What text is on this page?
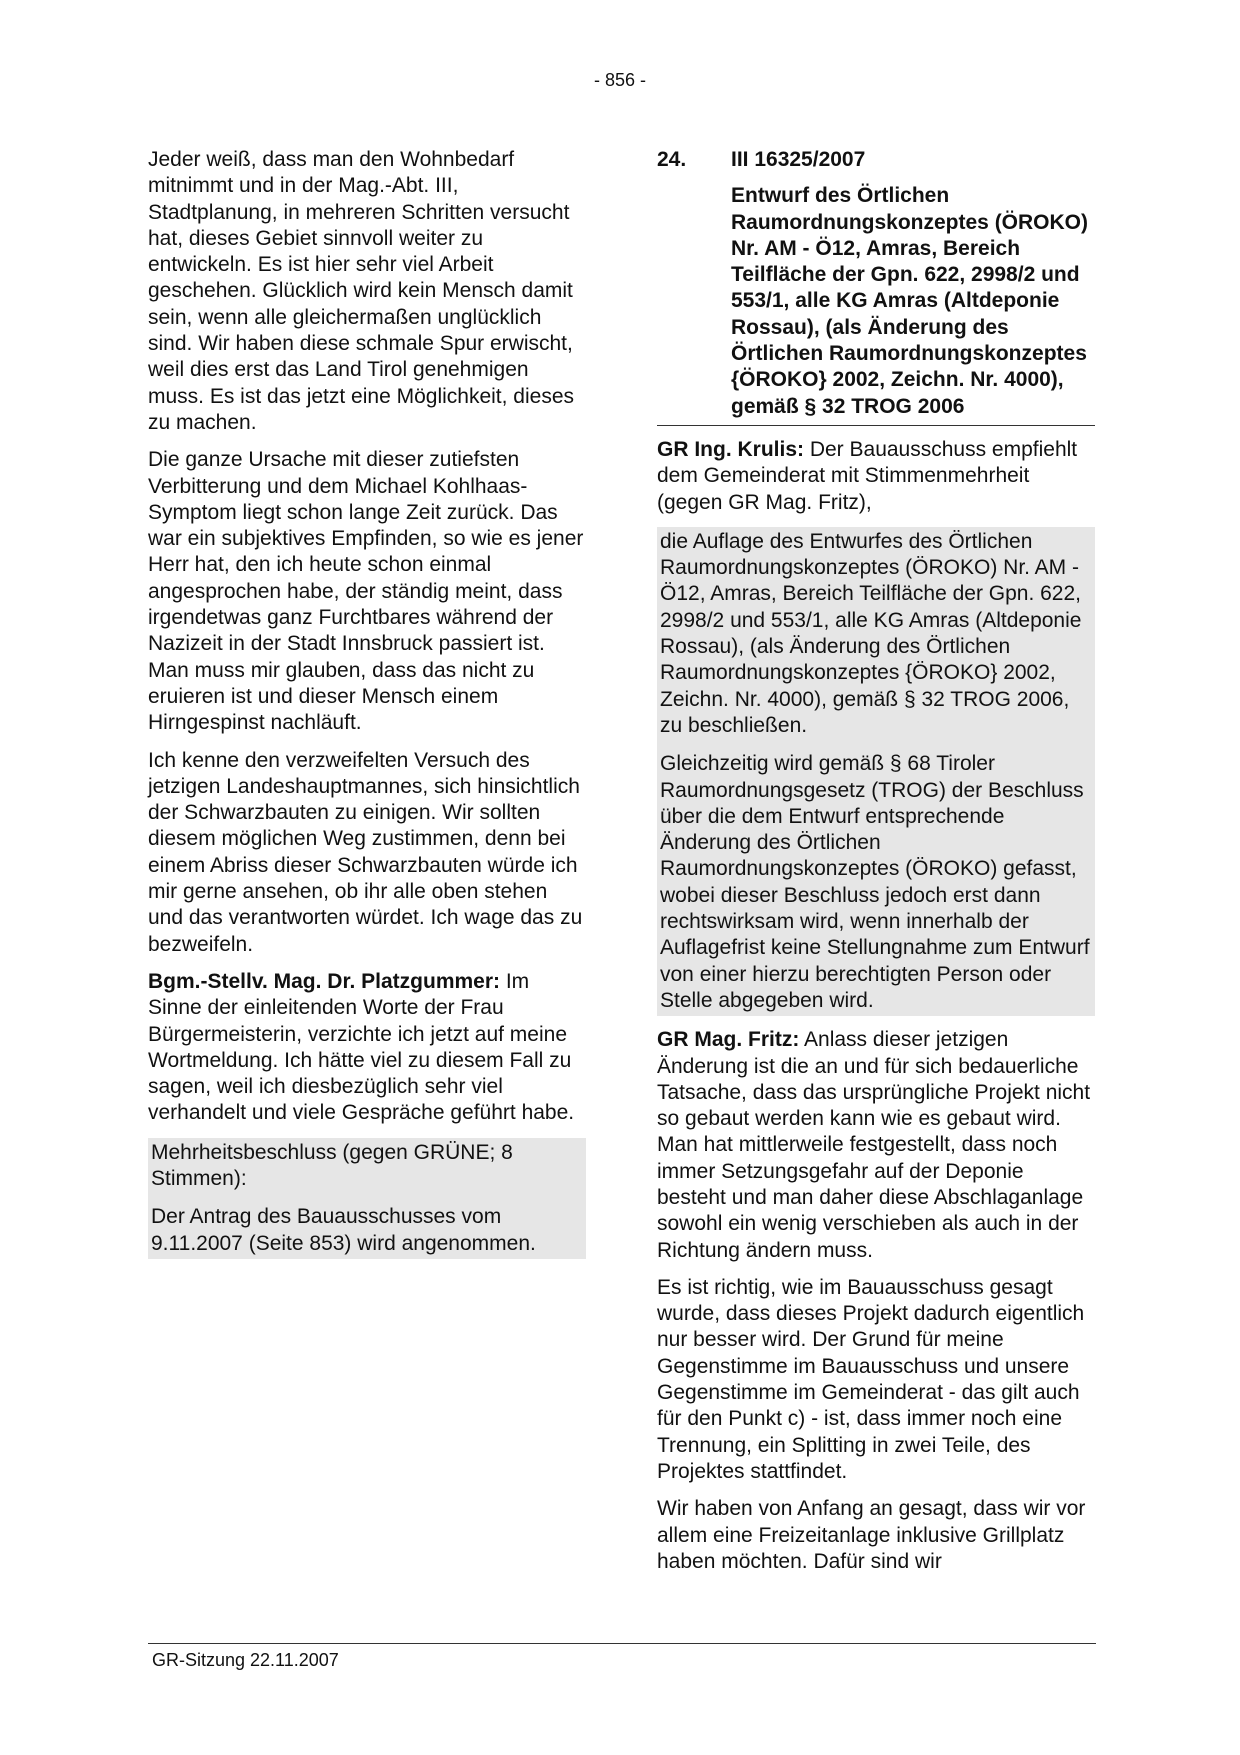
- 856 -

Jeder weiß, dass man den Wohnbedarf mitnimmt und in der Mag.-Abt. III, Stadtplanung, in mehreren Schritten versucht hat, dieses Gebiet sinnvoll weiter zu entwickeln. Es ist hier sehr viel Arbeit geschehen. Glücklich wird kein Mensch damit sein, wenn alle gleichermaßen unglücklich sind. Wir haben diese schmale Spur erwischt, weil dies erst das Land Tirol genehmigen muss. Es ist das jetzt eine Möglichkeit, dieses zu machen.

Die ganze Ursache mit dieser zutiefsten Verbitterung und dem Michael Kohlhaas-Symptom liegt schon lange Zeit zurück. Das war ein subjektives Empfinden, so wie es jener Herr hat, den ich heute schon einmal angesprochen habe, der ständig meint, dass irgendetwas ganz Furchtbares während der Nazizeit in der Stadt Innsbruck passiert ist. Man muss mir glauben, dass das nicht zu eruieren ist und dieser Mensch einem Hirngespinst nachläuft.

Ich kenne den verzweifelten Versuch des jetzigen Landeshauptmannes, sich hinsichtlich der Schwarzbauten zu einigen. Wir sollten diesem möglichen Weg zustimmen, denn bei einem Abriss dieser Schwarzbauten würde ich mir gerne ansehen, ob ihr alle oben stehen und das verantworten würdet. Ich wage das zu bezweifeln.

Bgm.-Stellv. Mag. Dr. Platzgummer: Im Sinne der einleitenden Worte der Frau Bürgermeisterin, verzichte ich jetzt auf meine Wortmeldung. Ich hätte viel zu diesem Fall zu sagen, weil ich diesbezüglich sehr viel verhandelt und viele Gespräche geführt habe.

Mehrheitsbeschluss (gegen GRÜNE; 8 Stimmen):

Der Antrag des Bauausschusses vom 9.11.2007 (Seite 853) wird angenommen.

24.	III 16325/2007
Entwurf des Örtlichen Raumordnungskonzeptes (ÖROKO) Nr. AM - Ö12, Amras, Bereich Teilfläche der Gpn. 622, 2998/2 und 553/1, alle KG Amras (Altdeponie Rossau), (als Änderung des Örtlichen Raumordnungskonzeptes {ÖROKO} 2002, Zeichn. Nr. 4000), gemäß § 32 TROG 2006

GR Ing. Krulis: Der Bauausschuss empfiehlt dem Gemeinderat mit Stimmenmehrheit (gegen GR Mag. Fritz),

die Auflage des Entwurfes des Örtlichen Raumordnungskonzeptes (ÖROKO) Nr. AM - Ö12, Amras, Bereich Teilfläche der Gpn. 622, 2998/2 und 553/1, alle KG Amras (Altdeponie Rossau), (als Änderung des Örtlichen Raumordnungskonzeptes {ÖROKO} 2002, Zeichn. Nr. 4000), gemäß § 32 TROG 2006, zu beschließen.

Gleichzeitig wird gemäß § 68 Tiroler Raumordnungsgesetz (TROG) der Beschluss über die dem Entwurf entsprechende Änderung des Örtlichen Raumordnungskonzeptes (ÖROKO) gefasst, wobei dieser Beschluss jedoch erst dann rechtswirksam wird, wenn innerhalb der Auflagefrist keine Stellungnahme zum Entwurf von einer hierzu berechtigten Person oder Stelle abgegeben wird.

GR Mag. Fritz: Anlass dieser jetzigen Änderung ist die an und für sich bedauerliche Tatsache, dass das ursprüngliche Projekt nicht so gebaut werden kann wie es gebaut wird. Man hat mittlerweile festgestellt, dass noch immer Setzungsgefahr auf der Deponie besteht und man daher diese Abschlaganlage sowohl ein wenig verschieben als auch in der Richtung ändern muss.

Es ist richtig, wie im Bauausschuss gesagt wurde, dass dieses Projekt dadurch eigentlich nur besser wird. Der Grund für meine Gegenstimme im Bauausschuss und unsere Gegenstimme im Gemeinderat - das gilt auch für den Punkt c) - ist, dass immer noch eine Trennung, ein Splitting in zwei Teile, des Projektes stattfindet.

Wir haben von Anfang an gesagt, dass wir vor allem eine Freizeitanlage inklusive Grillplatz haben möchten. Dafür sind wir

GR-Sitzung 22.11.2007
